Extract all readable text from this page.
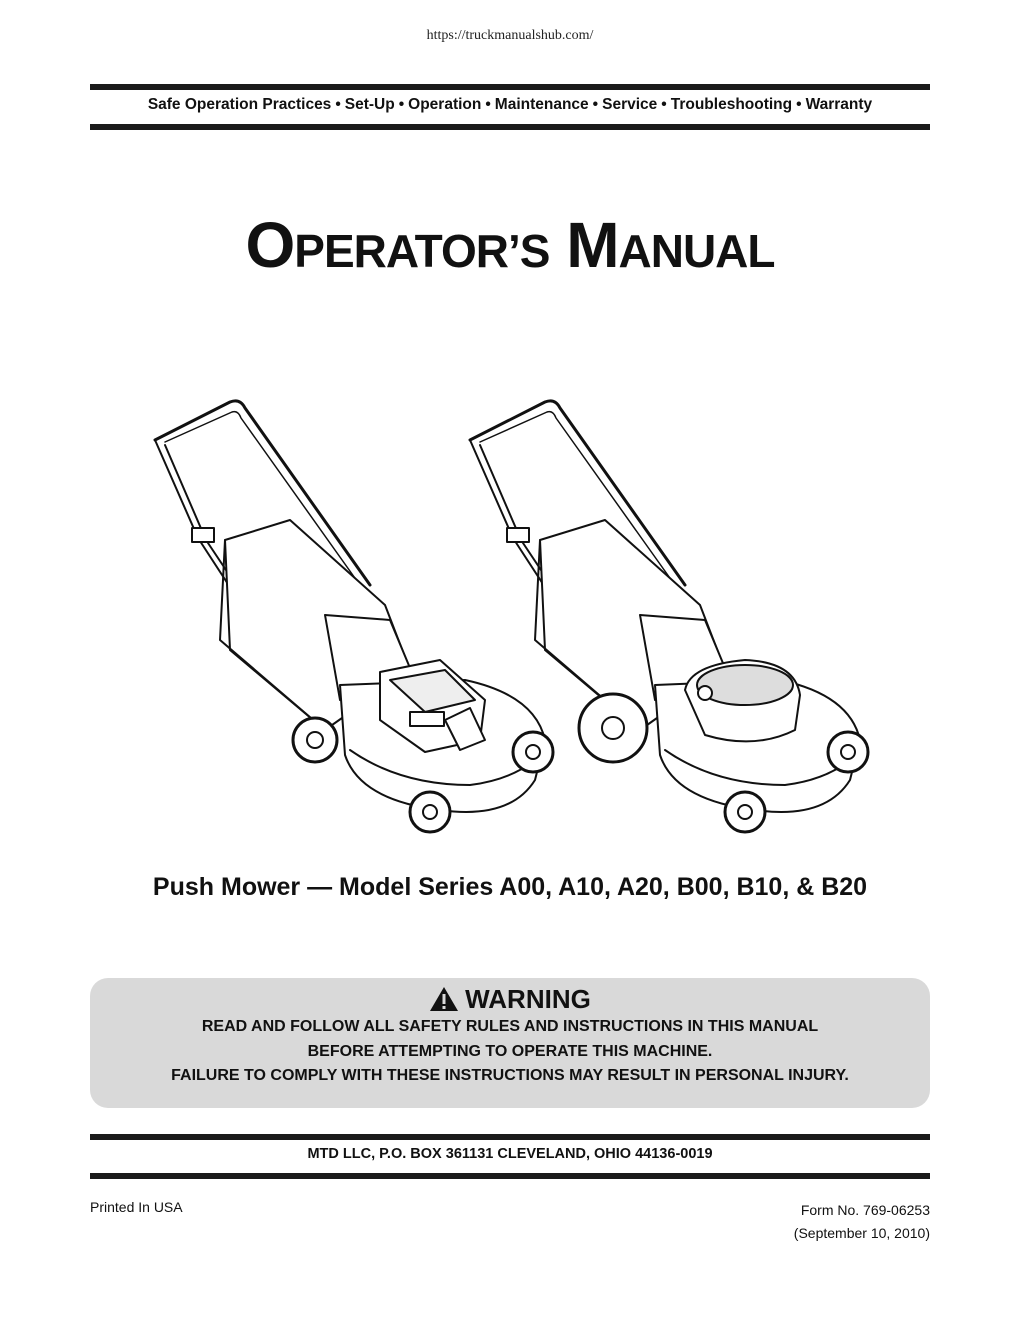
https://truckmanualshub.com/
Safe Operation Practices • Set-Up • Operation • Maintenance • Service • Troubleshooting • Warranty
OPERATOR’S MANUAL
Push Mower — Model Series A00, A10, A20, B00, B10, & B20
WARNING
READ AND FOLLOW ALL SAFETY RULES AND INSTRUCTIONS IN THIS MANUAL
BEFORE ATTEMPTING TO OPERATE THIS MACHINE.
FAILURE TO COMPLY WITH THESE INSTRUCTIONS MAY RESULT IN PERSONAL INJURY.
MTD LLC, P.O. BOX 361131 CLEVELAND, OHIO 44136-0019
Printed In USA	Form No. 769-06253
(September 10, 2010)
